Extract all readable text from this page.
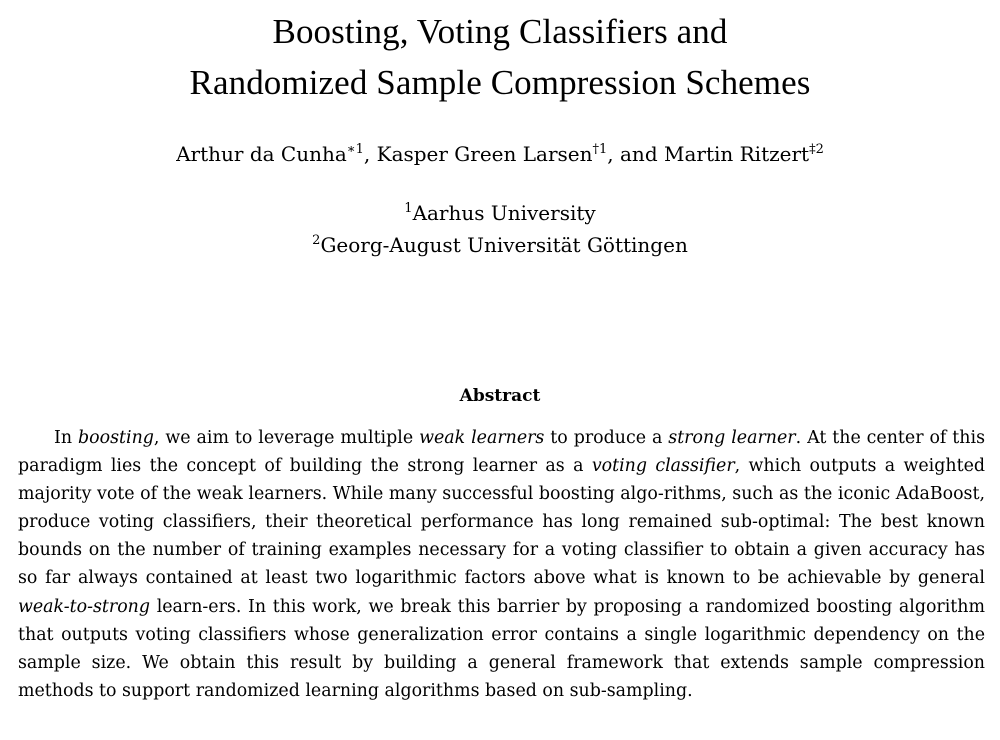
Boosting, Voting Classifiers and
Randomized Sample Compression Schemes
Arthur da Cunha$^{∗1}$, Kasper Green Larsen$^{\dagger 1}$, and Martin Ritzert$^{\ddagger 2}$
$^1$Aarhus University
$^2$Georg-August Universität Göttingen
Abstract

In boosting, we aim to leverage multiple weak learners to produce a strong learner. At the center of this paradigm lies the concept of building the strong learner as a voting classifier, which outputs a weighted majority vote of the weak learners. While many successful boosting algo-rithms, such as the iconic AdaBoost, produce voting classifiers, their theoretical performance has long remained sub-optimal: The best known bounds on the number of training examples necessary for a voting classifier to obtain a given accuracy has so far always contained at least two logarithmic factors above what is known to be achievable by general weak-to-strong learn-ers. In this work, we break this barrier by proposing a randomized boosting algorithm that outputs voting classifiers whose generalization error contains a single logarithmic dependency on the sample size. We obtain this result by building a general framework that extends sample compression methods to support randomized learning algorithms based on sub-sampling.
